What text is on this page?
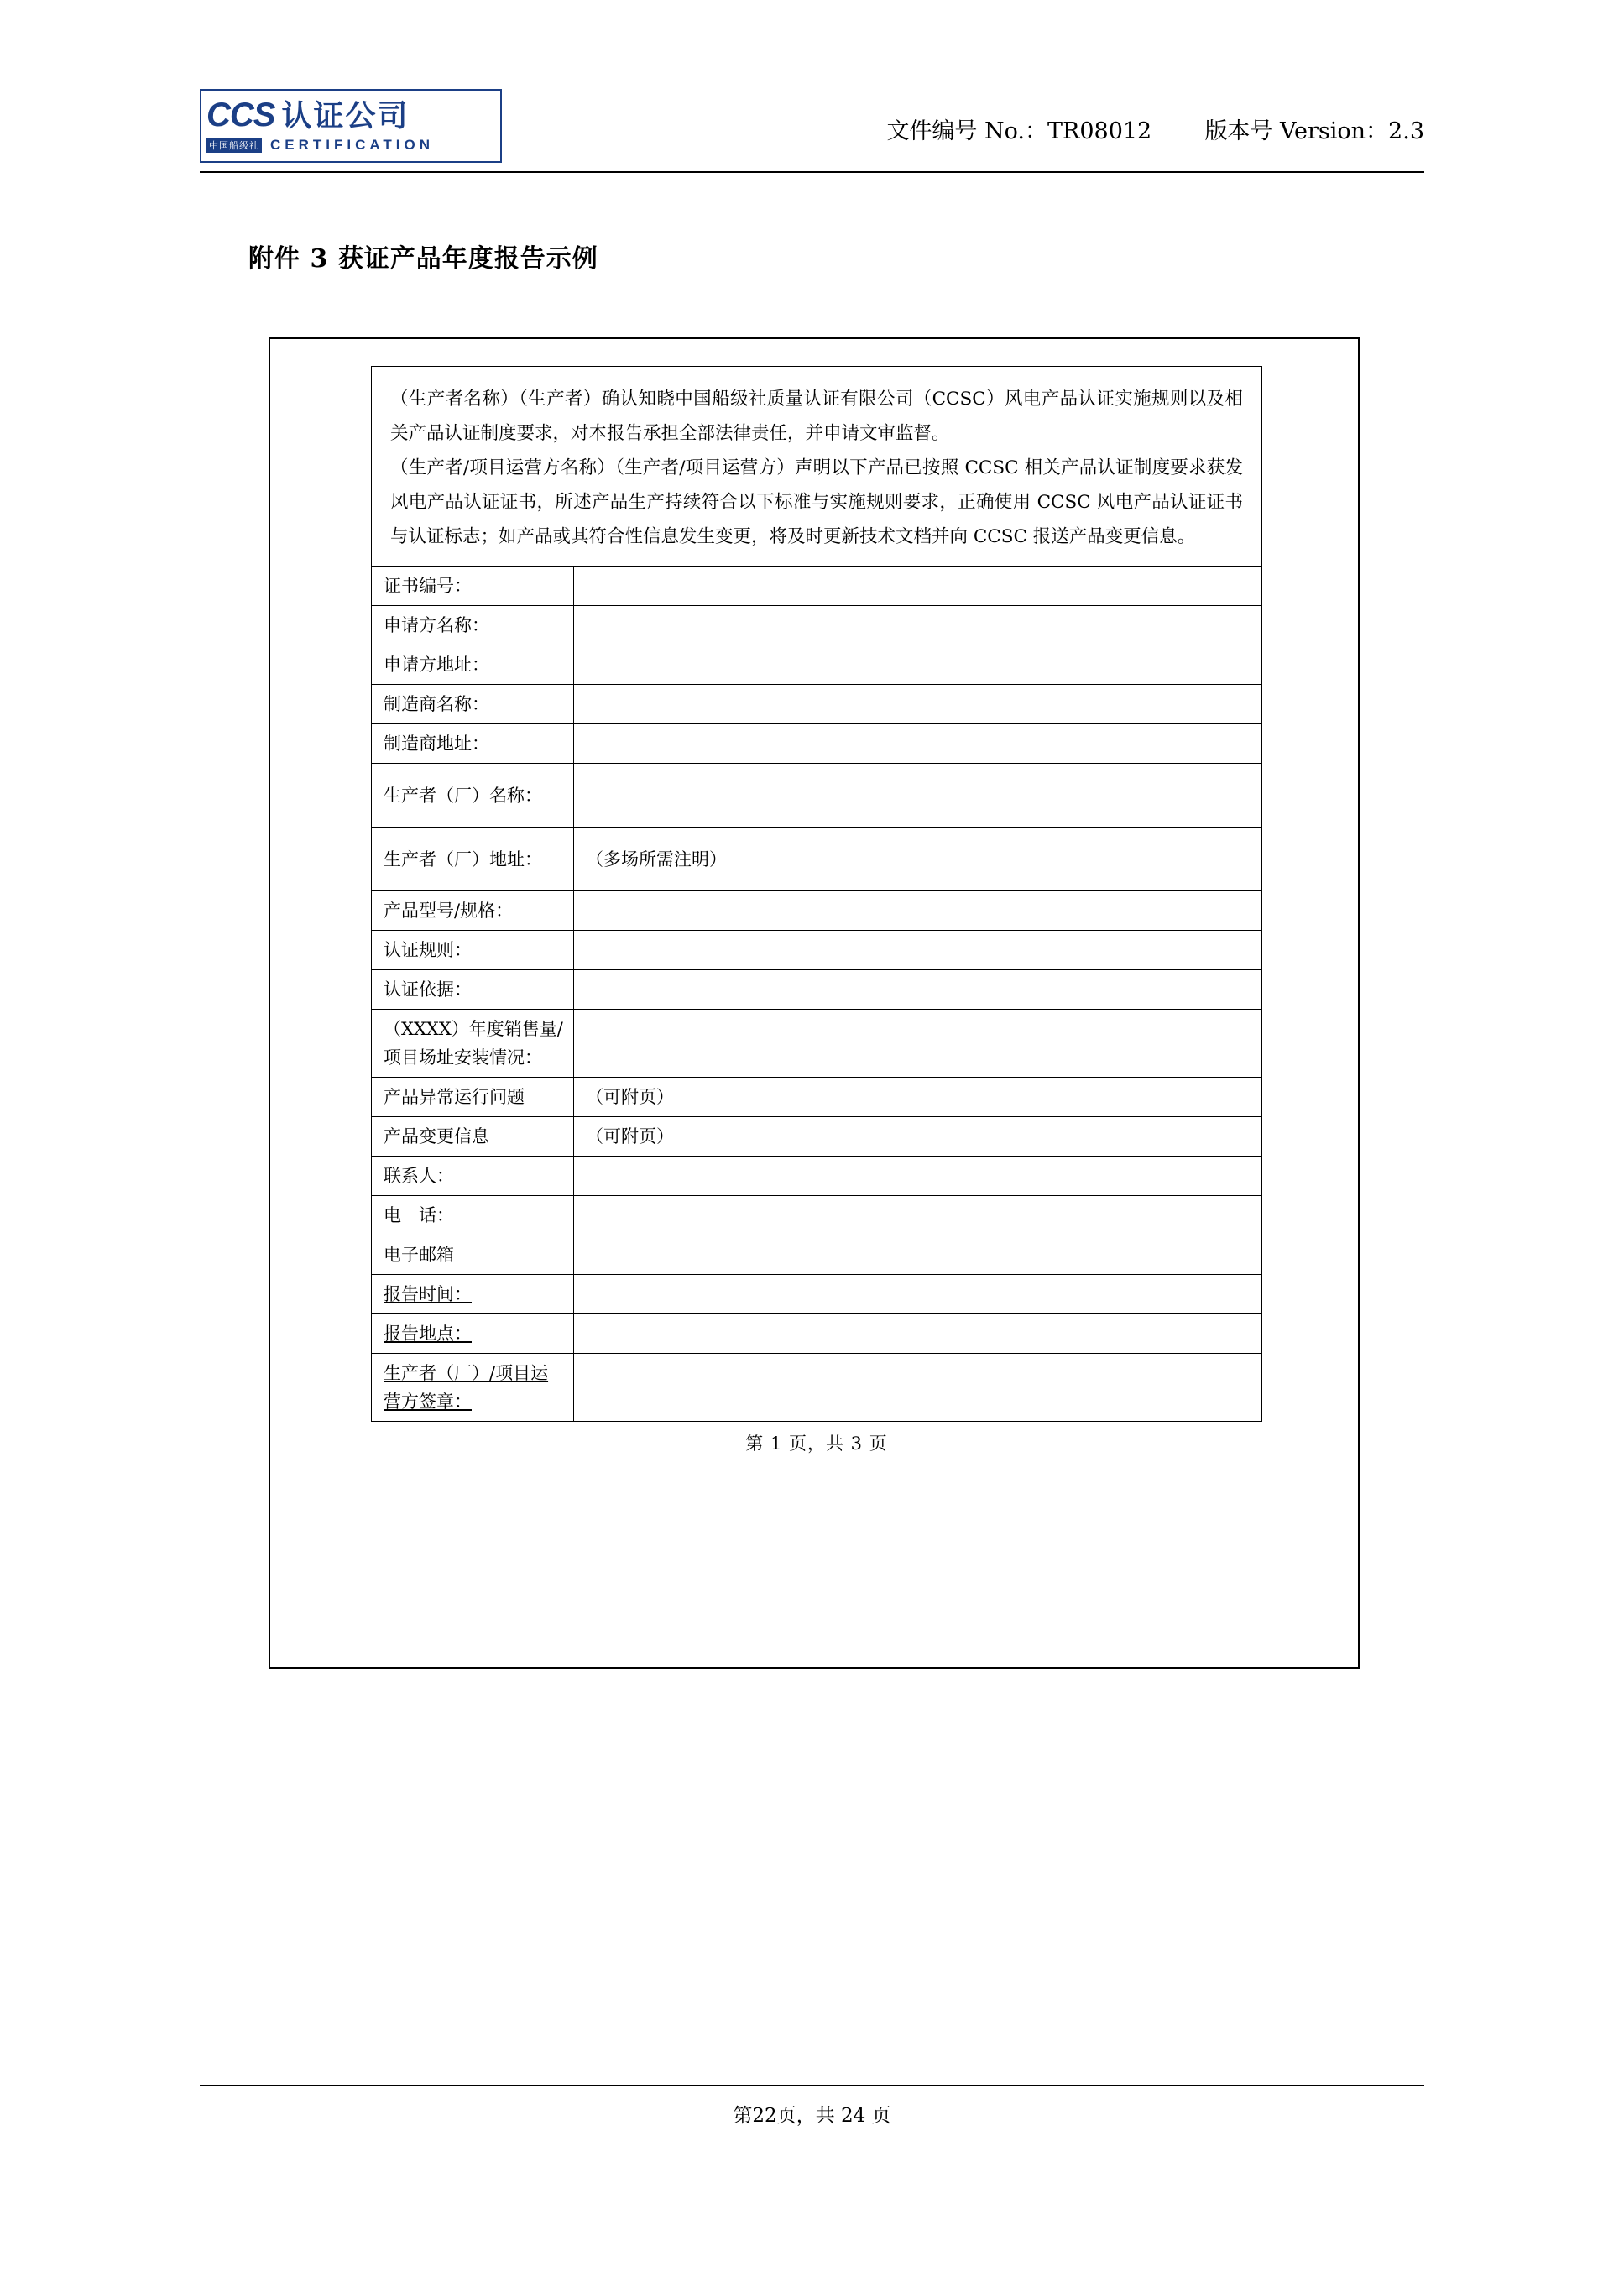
CCS 认证公司
中国船级社 CERTIFICATION
文件编号 No.：TR08012 版本号 Version：2.3
附件 3 获证产品年度报告示例

（生产者名称）（生产者）确认知晓中国船级社质量认证有限公司（CCSC）风电产品认证实施规则以及相关产品认证制度要求，对本报告承担全部法律责任，并申请文审监督。

（生产者/项目运营方名称）（生产者/项目运营方）声明以下产品已按照 CCSC 相关产品认证制度要求获发风电产品认证证书，所述产品生产持续符合以下标准与实施规则要求，正确使用 CCSC 风电产品认证证书与认证标志；如产品或其符合性信息发生变更，将及时更新技术文档并向 CCSC 报送产品变更信息。

证书编号：	
申请方名称：	
申请方地址：	
制造商名称：	
制造商地址：	
生产者（厂）名称：	
生产者（厂）地址：	（多场所需注明）
产品型号/规格：	
认证规则：	
认证依据：	
（XXXX）年度销售量/项目场址安装情况：	
产品异常运行问题	（可附页）
产品变更信息	（可附页）
联系人：	
电　话：	
电子邮箱	
报告时间：	
报告地点：	
生产者（厂）/项目运营方签章：	
第 1 页，共 3 页
第22页，共 24 页
